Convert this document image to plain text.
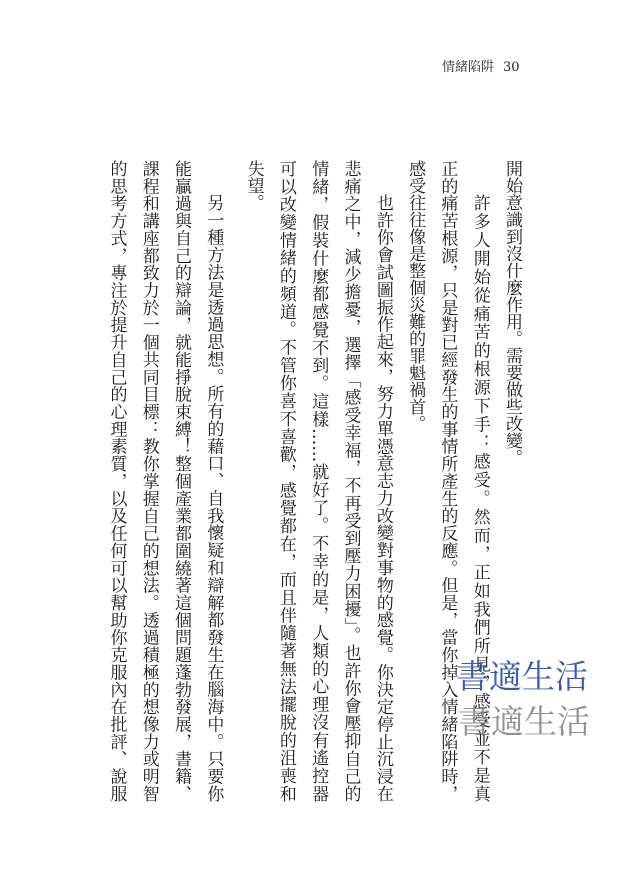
情緒陷阱 30
開始意識到沒什麼作用。需要做些改變。
許多人開始從痛苦的根源下手：感受。然而，正如我們所見，感受並不是真
正的痛苦根源，只是對已經發生的事情所產生的反應。但是，當你掉入情緒陷阱時，
感受往往像是整個災難的罪魁禍首。
也許你會試圖振作起來，努力單憑意志力改變對事物的感覺。你決定停止沉浸在
悲痛之中，減少擔憂，選擇「感受幸福，不再受到壓力困擾」。也許你會壓抑自己的
情緒，假裝什麼都感覺不到。這樣……就好了。不幸的是，人類的心理沒有遙控器
可以改變情緒的頻道。不管你喜不喜歡，感覺都在，而且伴隨著無法擺脫的沮喪和
失望。
另一種方法是透過思想。所有的藉口、自我懷疑和辯解都發生在腦海中。只要你
能贏過與自己的辯論，就能掙脫束縛！整個產業都圍繞著這個問題蓬勃發展，書籍、
課程和講座都致力於一個共同目標：教你掌握自己的想法。透過積極的想像力或明智
的思考方式，專注於提升自己的心理素質，以及任何可以幫助你克服內在批評、說服	書適生活
書適生活
